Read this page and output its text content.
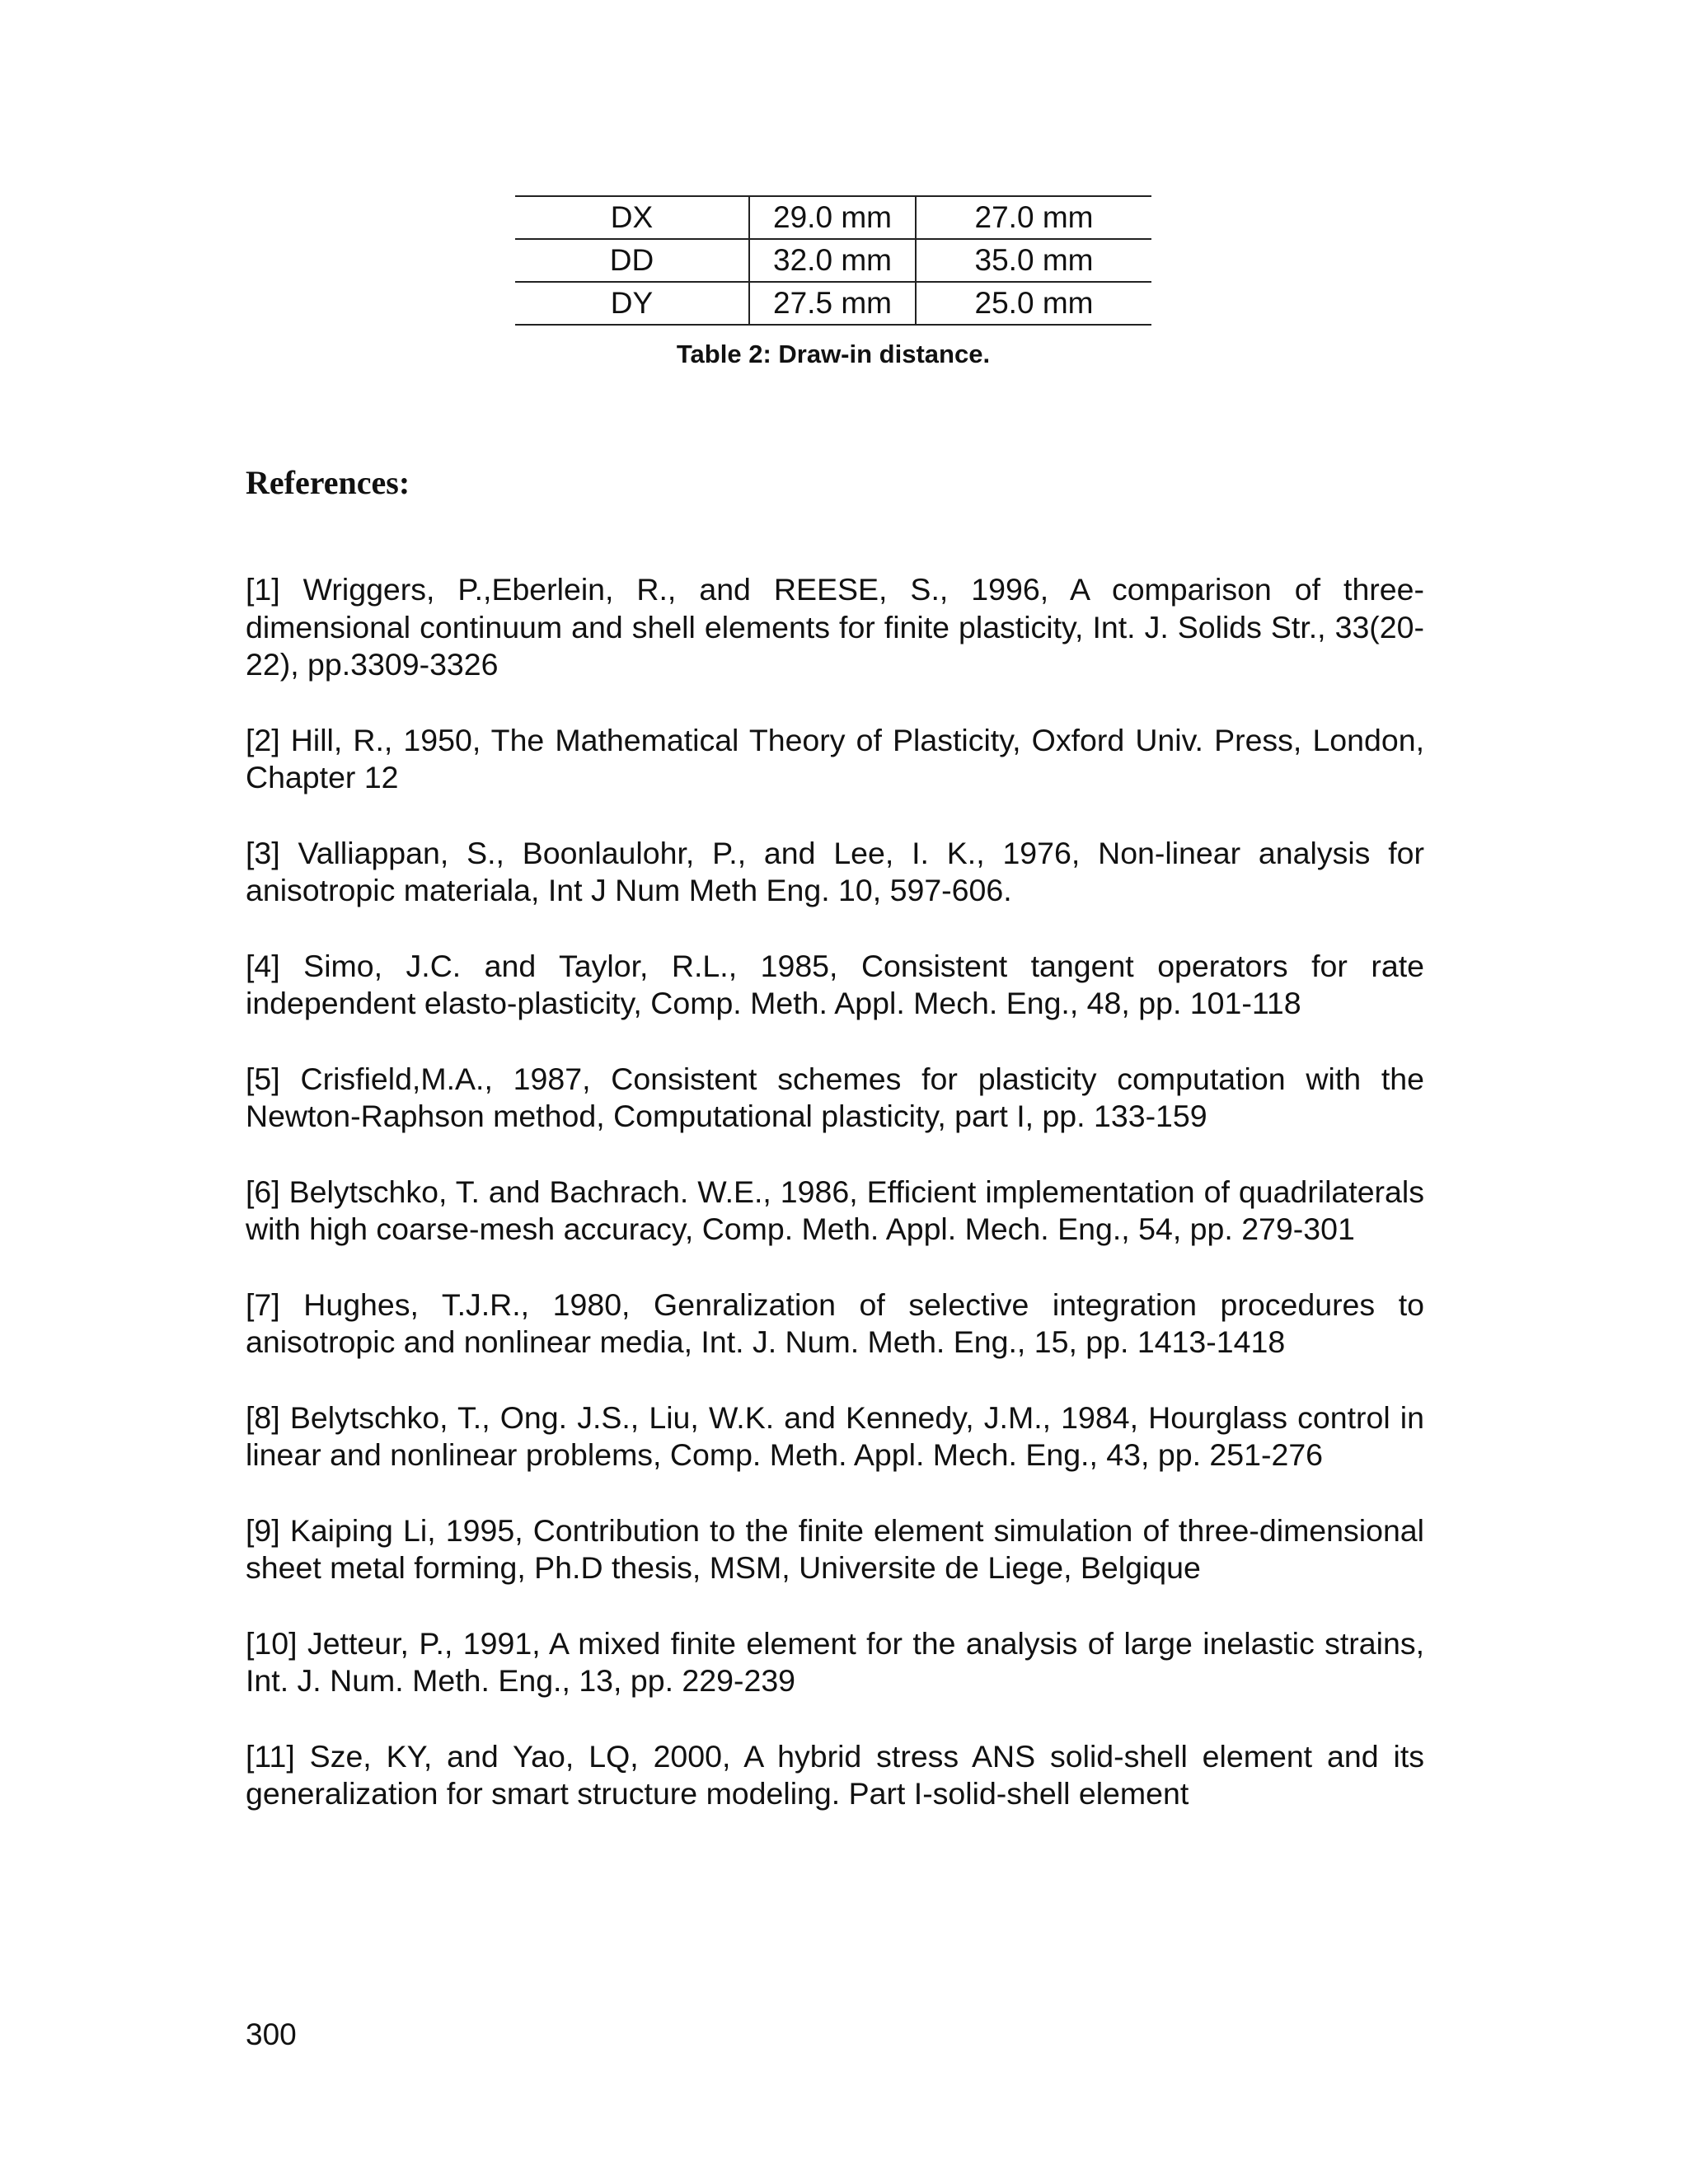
DX	29.0 mm	27.0 mm
DD	32.0 mm	35.0 mm
DY	27.5 mm	25.0 mm
Table 2: Draw-in distance.
References:

[1] Wriggers, P.,Eberlein, R., and REESE, S., 1996, A comparison of three-dimensional continuum and shell elements for finite plasticity, Int. J. Solids Str., 33(20-22), pp.3309-3326

[2] Hill, R., 1950, The Mathematical Theory of Plasticity, Oxford Univ. Press, London, Chapter 12

[3] Valliappan, S., Boonlaulohr, P., and Lee, I. K., 1976, Non-linear analysis for anisotropic materiala, Int J Num Meth Eng. 10, 597-606.

[4] Simo, J.C. and Taylor, R.L., 1985, Consistent tangent operators for rate independent elasto-plasticity, Comp. Meth. Appl. Mech. Eng., 48, pp. 101-118

[5] Crisfield,M.A., 1987, Consistent schemes for plasticity computation with the Newton-Raphson method, Computational plasticity, part I, pp. 133-159

[6] Belytschko, T. and Bachrach. W.E., 1986, Efficient implementation of quadrilaterals with high coarse-mesh accuracy, Comp. Meth. Appl. Mech. Eng., 54, pp. 279-301

[7] Hughes, T.J.R., 1980, Genralization of selective integration procedures to anisotropic and nonlinear media, Int. J. Num. Meth. Eng., 15, pp. 1413-1418

[8] Belytschko, T., Ong. J.S., Liu, W.K. and Kennedy, J.M., 1984, Hourglass control in linear and nonlinear problems, Comp. Meth. Appl. Mech. Eng., 43, pp. 251-276

[9] Kaiping Li, 1995, Contribution to the finite element simulation of three-dimensional sheet metal forming, Ph.D thesis, MSM, Universite de Liege, Belgique

[10] Jetteur, P., 1991, A mixed finite element for the analysis of large inelastic strains, Int. J. Num. Meth. Eng., 13, pp. 229-239

[11] Sze, KY, and Yao, LQ, 2000, A hybrid stress ANS solid-shell element and its generalization for smart structure modeling. Part I-solid-shell element

300
